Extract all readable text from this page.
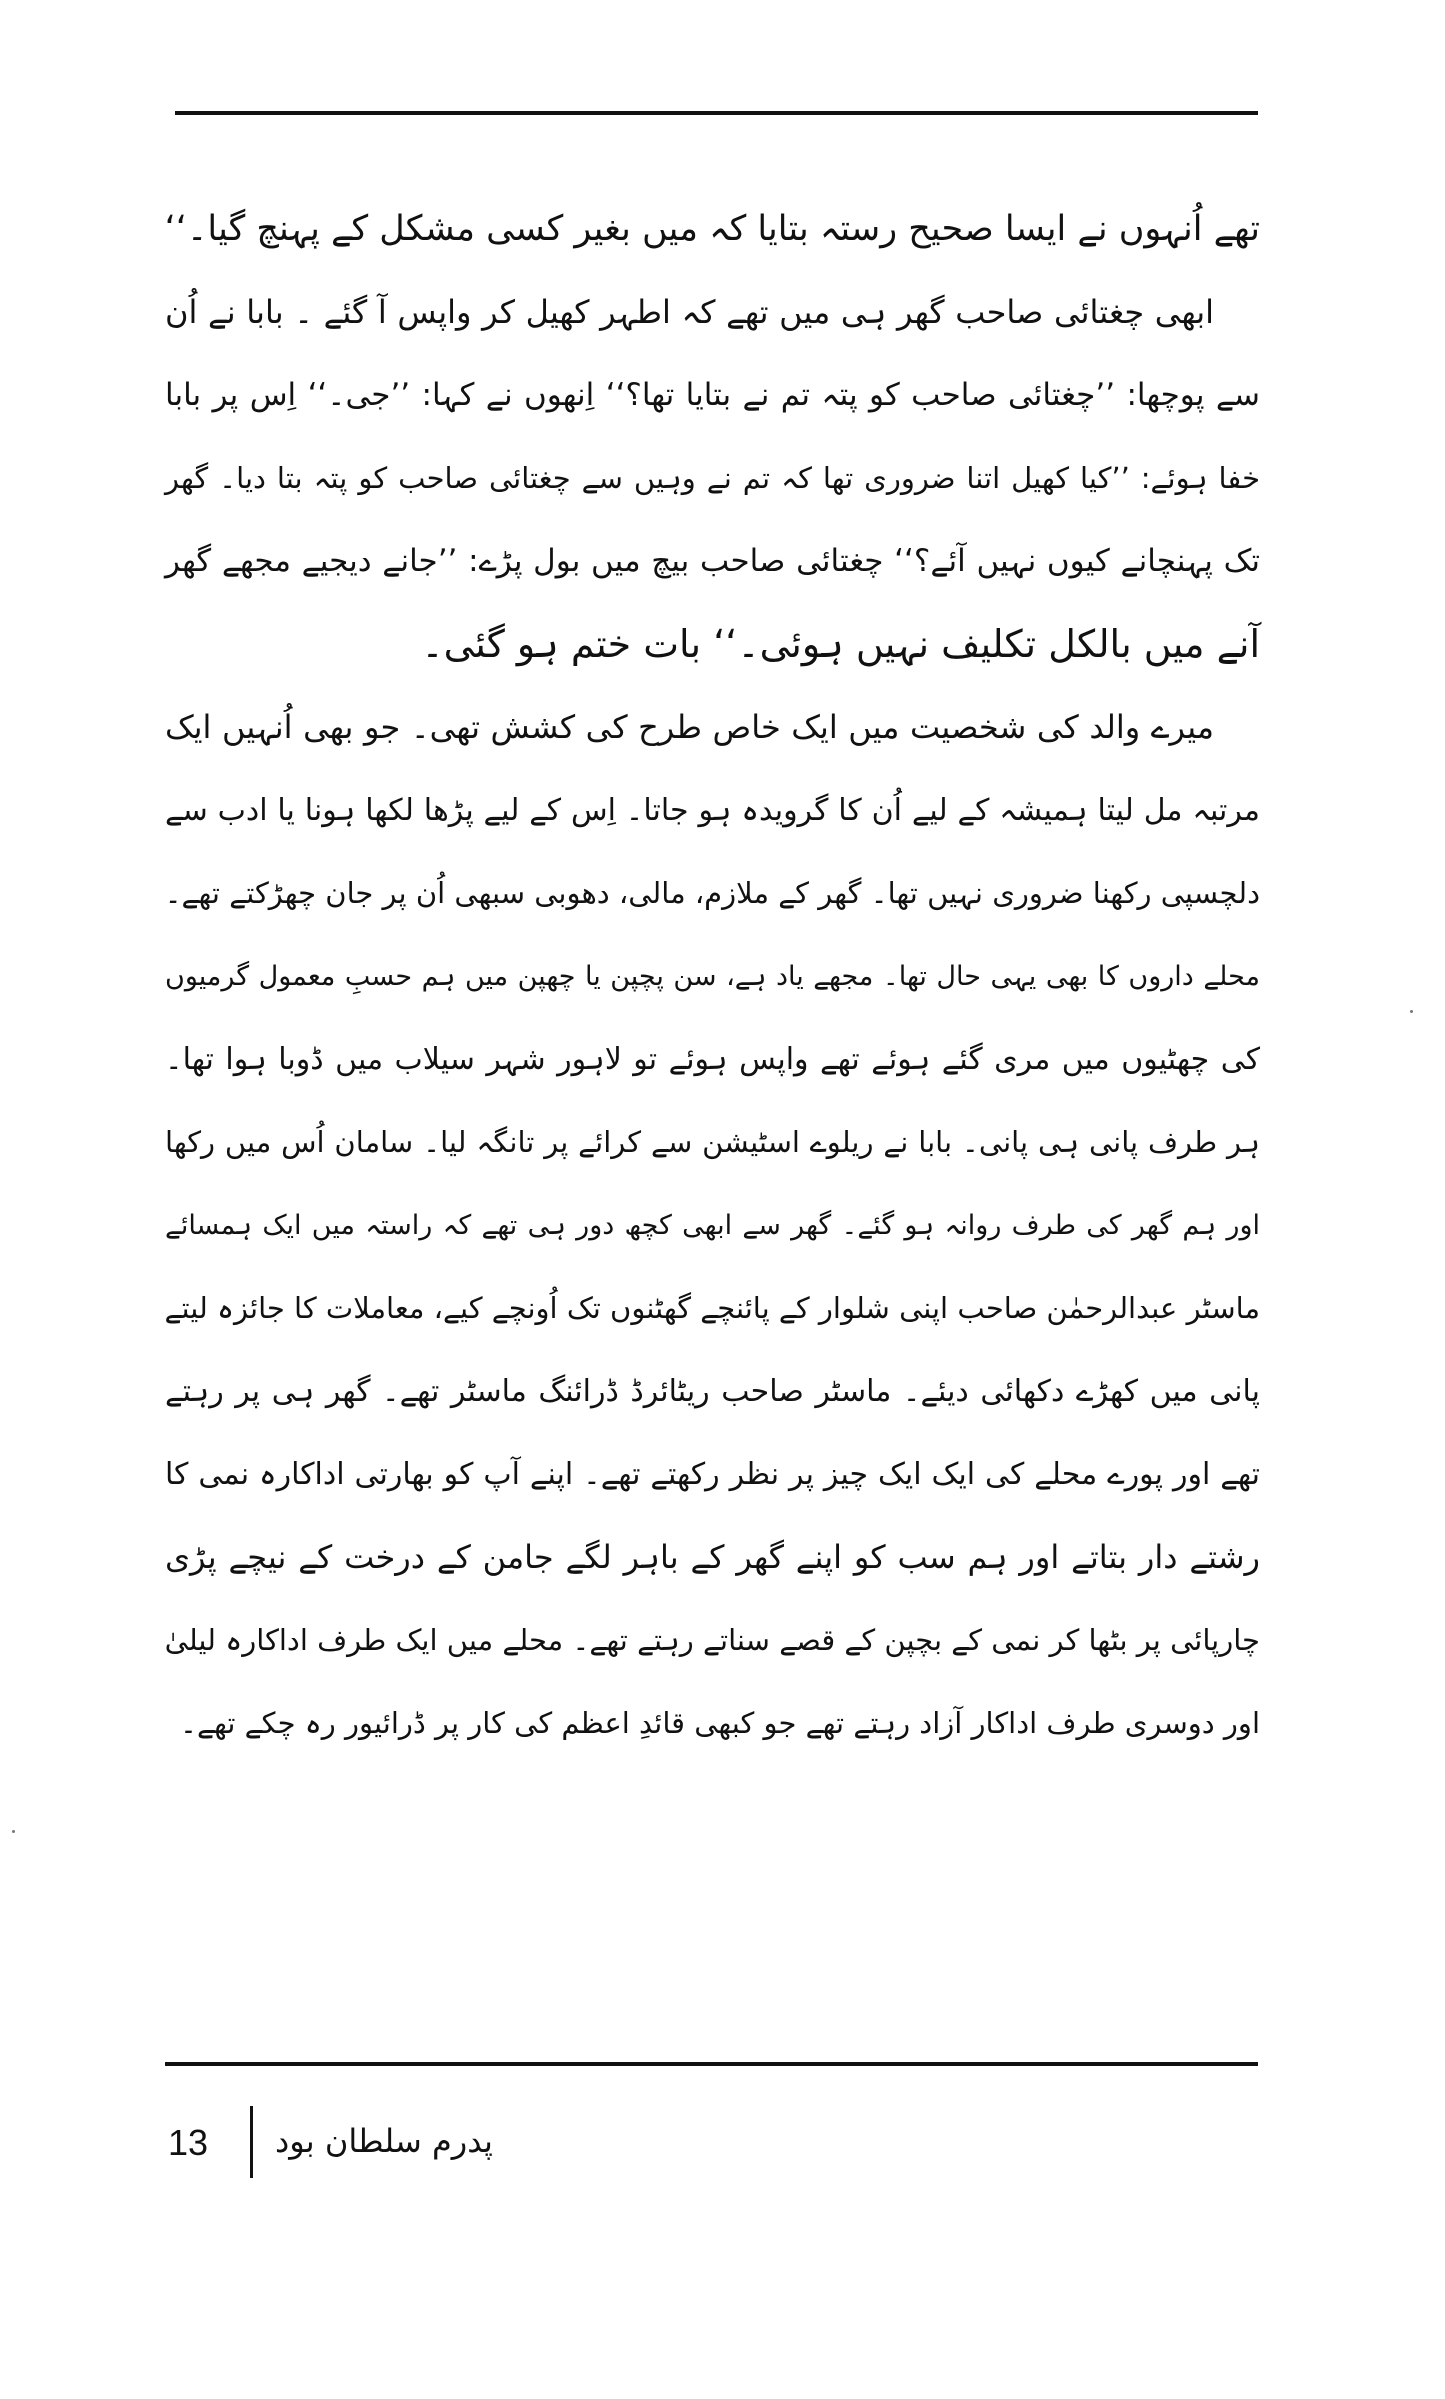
تھے اُنہوں نے ایسا صحیح رستہ بتایا کہ میں بغیر کسی مشکل کے پہنچ گیا۔‘‘
ابھی چغتائی صاحب گھر ہی میں تھے کہ اطہر کھیل کر واپس آ گئے ۔ بابا نے اُن
سے پوچھا: ’’چغتائی صاحب کو پتہ تم نے بتایا تھا؟‘‘ اِنھوں نے کہا: ’’جی۔‘‘ اِس پر بابا
خفا ہوئے: ’’کیا کھیل اتنا ضروری تھا کہ تم نے وہیں سے چغتائی صاحب کو پتہ بتا دیا۔ گھر
تک پہنچانے کیوں نہیں آئے؟‘‘ چغتائی صاحب بیچ میں بول پڑے: ’’جانے دیجیے مجھے گھر
آنے میں بالکل تکلیف نہیں ہوئی۔‘‘ بات ختم ہو گئی۔
میرے والد کی شخصیت میں ایک خاص طرح کی کشش تھی۔ جو بھی اُنہیں ایک
مرتبہ مل لیتا ہمیشہ کے لیے اُن کا گرویدہ ہو جاتا۔ اِس کے لیے پڑھا لکھا ہونا یا ادب سے
دلچسپی رکھنا ضروری نہیں تھا۔ گھر کے ملازم، مالی، دھوبی سبھی اُن پر جان چھڑکتے تھے۔
محلے داروں کا بھی یہی حال تھا۔ مجھے یاد ہے، سن پچپن یا چھپن میں ہم حسبِ معمول گرمیوں
کی چھٹیوں میں مری گئے ہوئے تھے واپس ہوئے تو لاہور شہر سیلاب میں ڈوبا ہوا تھا۔
ہر طرف پانی ہی پانی۔ بابا نے ریلوے اسٹیشن سے کرائے پر تانگہ لیا۔ سامان اُس میں رکھا
اور ہم گھر کی طرف روانہ ہو گئے۔ گھر سے ابھی کچھ دور ہی تھے کہ راستہ میں ایک ہمسائے
ماسٹر عبدالرحمٰن صاحب اپنی شلوار کے پائنچے گھٹنوں تک اُونچے کیے، معاملات کا جائزہ لیتے
پانی میں کھڑے دکھائی دیئے۔ ماسٹر صاحب ریٹائرڈ ڈرائنگ ماسٹر تھے۔ گھر ہی پر رہتے
تھے اور پورے محلے کی ایک ایک چیز پر نظر رکھتے تھے۔ اپنے آپ کو بھارتی اداکارہ نمی کا
رشتے دار بتاتے اور ہم سب کو اپنے گھر کے باہر لگے جامن کے درخت کے نیچے پڑی
چارپائی پر بٹھا کر نمی کے بچپن کے قصے سناتے رہتے تھے۔ محلے میں ایک طرف اداکارہ لیلیٰ
اور دوسری طرف اداکار آزاد رہتے تھے جو کبھی قائدِ اعظم کی کار پر ڈرائیور رہ چکے تھے۔
13 پدرم سلطان بود
